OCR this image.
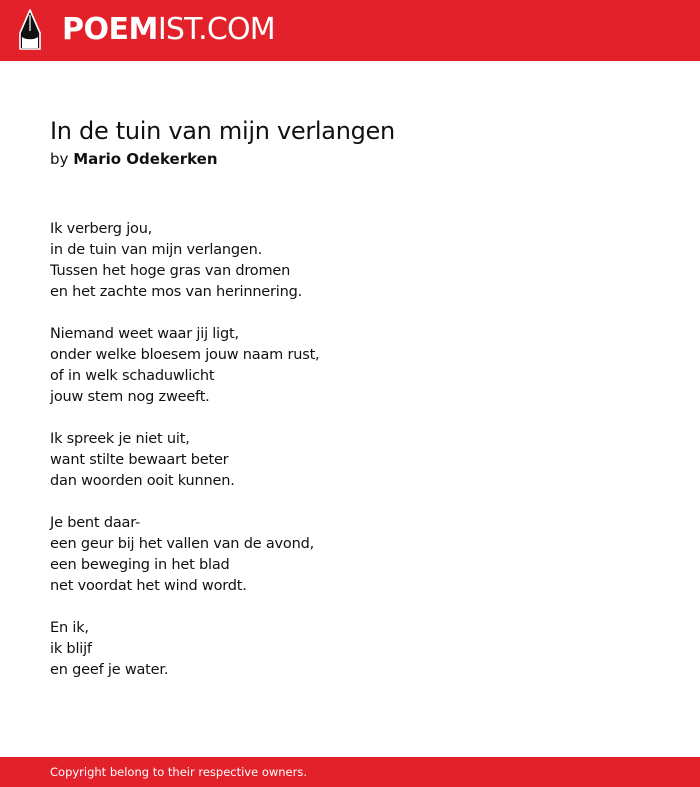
POEMIST.COM
In de tuin van mijn verlangen
by Mario Odekerken
Ik verberg jou,
in de tuin van mijn verlangen.
Tussen het hoge gras van dromen
en het zachte mos van herinnering.
Niemand weet waar jij ligt,
onder welke bloesem jouw naam rust,
of in welk schaduwlicht
jouw stem nog zweeft.
Ik spreek je niet uit,
want stilte bewaart beter
dan woorden ooit kunnen.
Je bent daar-
een geur bij het vallen van de avond,
een beweging in het blad
net voordat het wind wordt.
En ik,
ik blijf
en geef je water.
Copyright belong to their respective owners.
